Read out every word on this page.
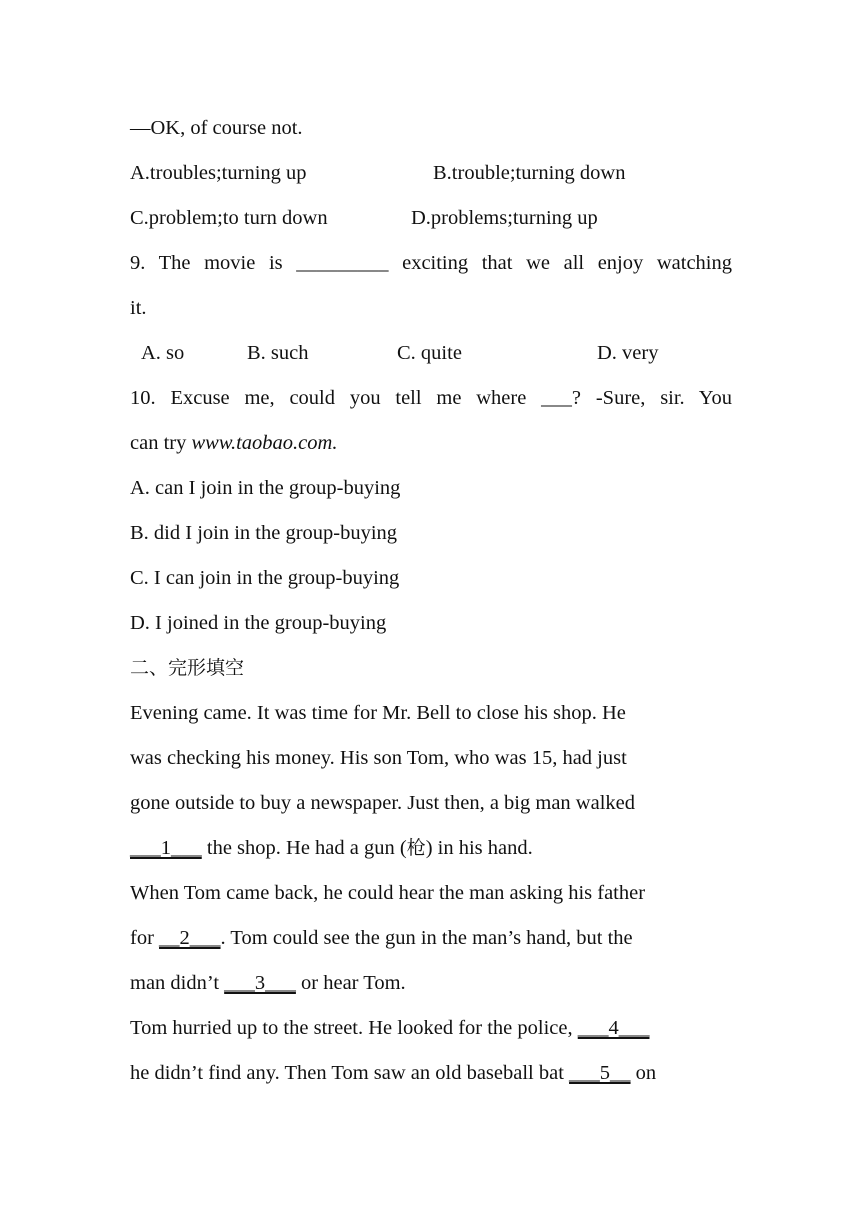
—OK, of course not.
A.troubles;turning up	B.trouble;turning down
C.problem;to turn down	D.problems;turning up
9. The movie is _________ exciting that we all enjoy watching
it.
A. so	B. such	C. quite	D. very
10. Excuse me, could you tell me where ___? -Sure, sir. You
can try www.taobao.com.
A. can I join in the group-buying
B. did I join in the group-buying
C. I can join in the group-buying
D. I joined in the group-buying
二、完形填空
Evening came. It was time for Mr. Bell to close his shop. He
was checking his money. His son Tom, who was 15, had just
gone outside to buy a newspaper. Just then, a big man walked
___1___ the shop. He had a gun (枪) in his hand.
When Tom came back, he could hear the man asking his father
for __2___. Tom could see the gun in the man’s hand, but the
man didn’t ___3___ or hear Tom.
Tom hurried up to the street. He looked for the police, ___4___
he didn’t find any. Then Tom saw an old baseball bat ___5__ on
